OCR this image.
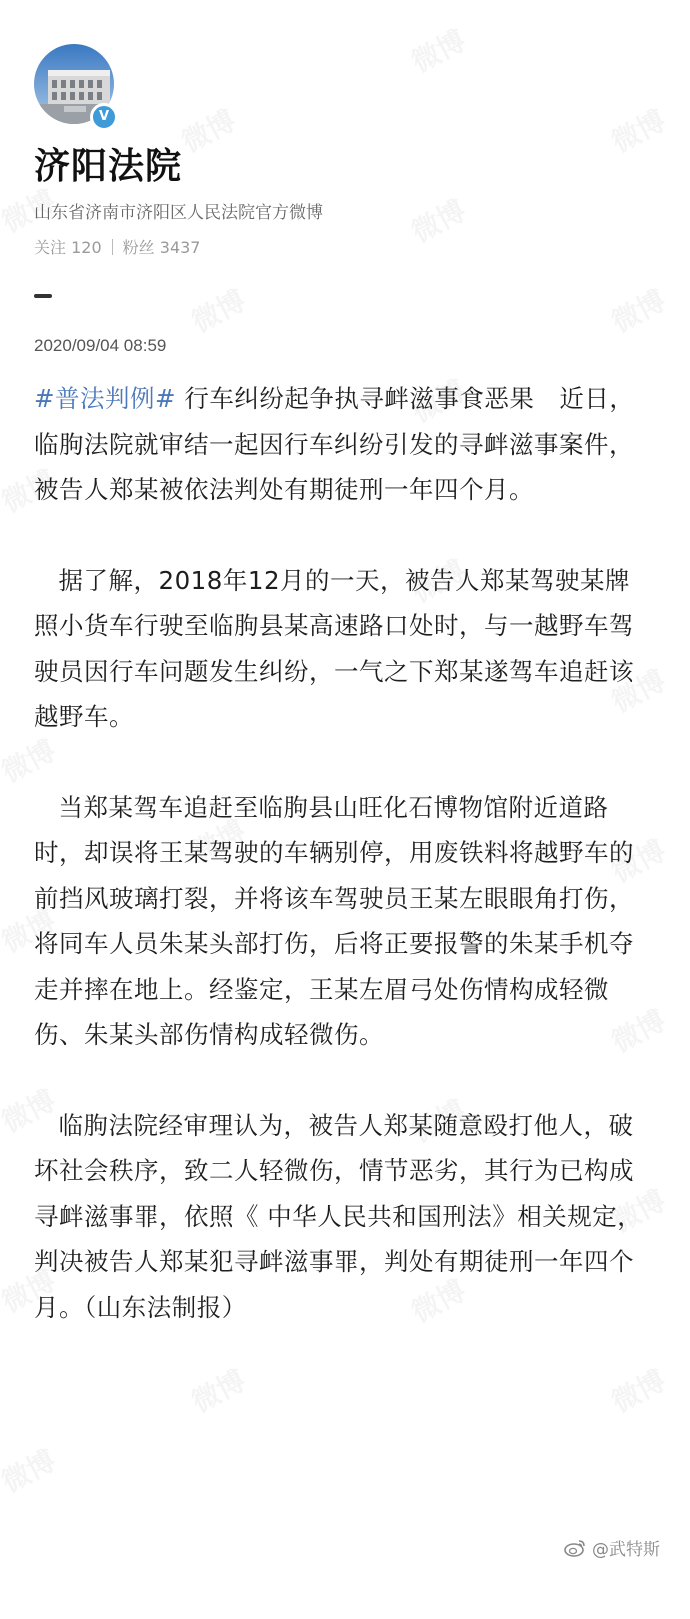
V
济阳法院
山东省济南市济阳区人民法院官方微博
关注 120 粉丝 3437
2020/09/04 08:59

#普法判例# 行车纠纷起争执寻衅滋事食恶果　近日，临朐法院就审结一起因行车纠纷引发的寻衅滋事案件，被告人郑某被依法判处有期徒刑一年四个月。

据了解，2018年12月的一天，被告人郑某驾驶某牌照小货车行驶至临朐县某高速路口处时，与一越野车驾驶员因行车问题发生纠纷，一气之下郑某遂驾车追赶该越野车。

当郑某驾车追赶至临朐县山旺化石博物馆附近道路时，却误将王某驾驶的车辆别停，用废铁料将越野车的前挡风玻璃打裂，并将该车驾驶员王某左眼眼角打伤，将同车人员朱某头部打伤，后将正要报警的朱某手机夺走并摔在地上。经鉴定，王某左眉弓处伤情构成轻微伤、朱某头部伤情构成轻微伤。

临朐法院经审理认为，被告人郑某随意殴打他人，破坏社会秩序，致二人轻微伤，情节恶劣，其行为已构成寻衅滋事罪，依照《 中华人民共和国刑法》相关规定，判决被告人郑某犯寻衅滋事罪，判处有期徒刑一年四个月。（山东法制报）

@武特斯
